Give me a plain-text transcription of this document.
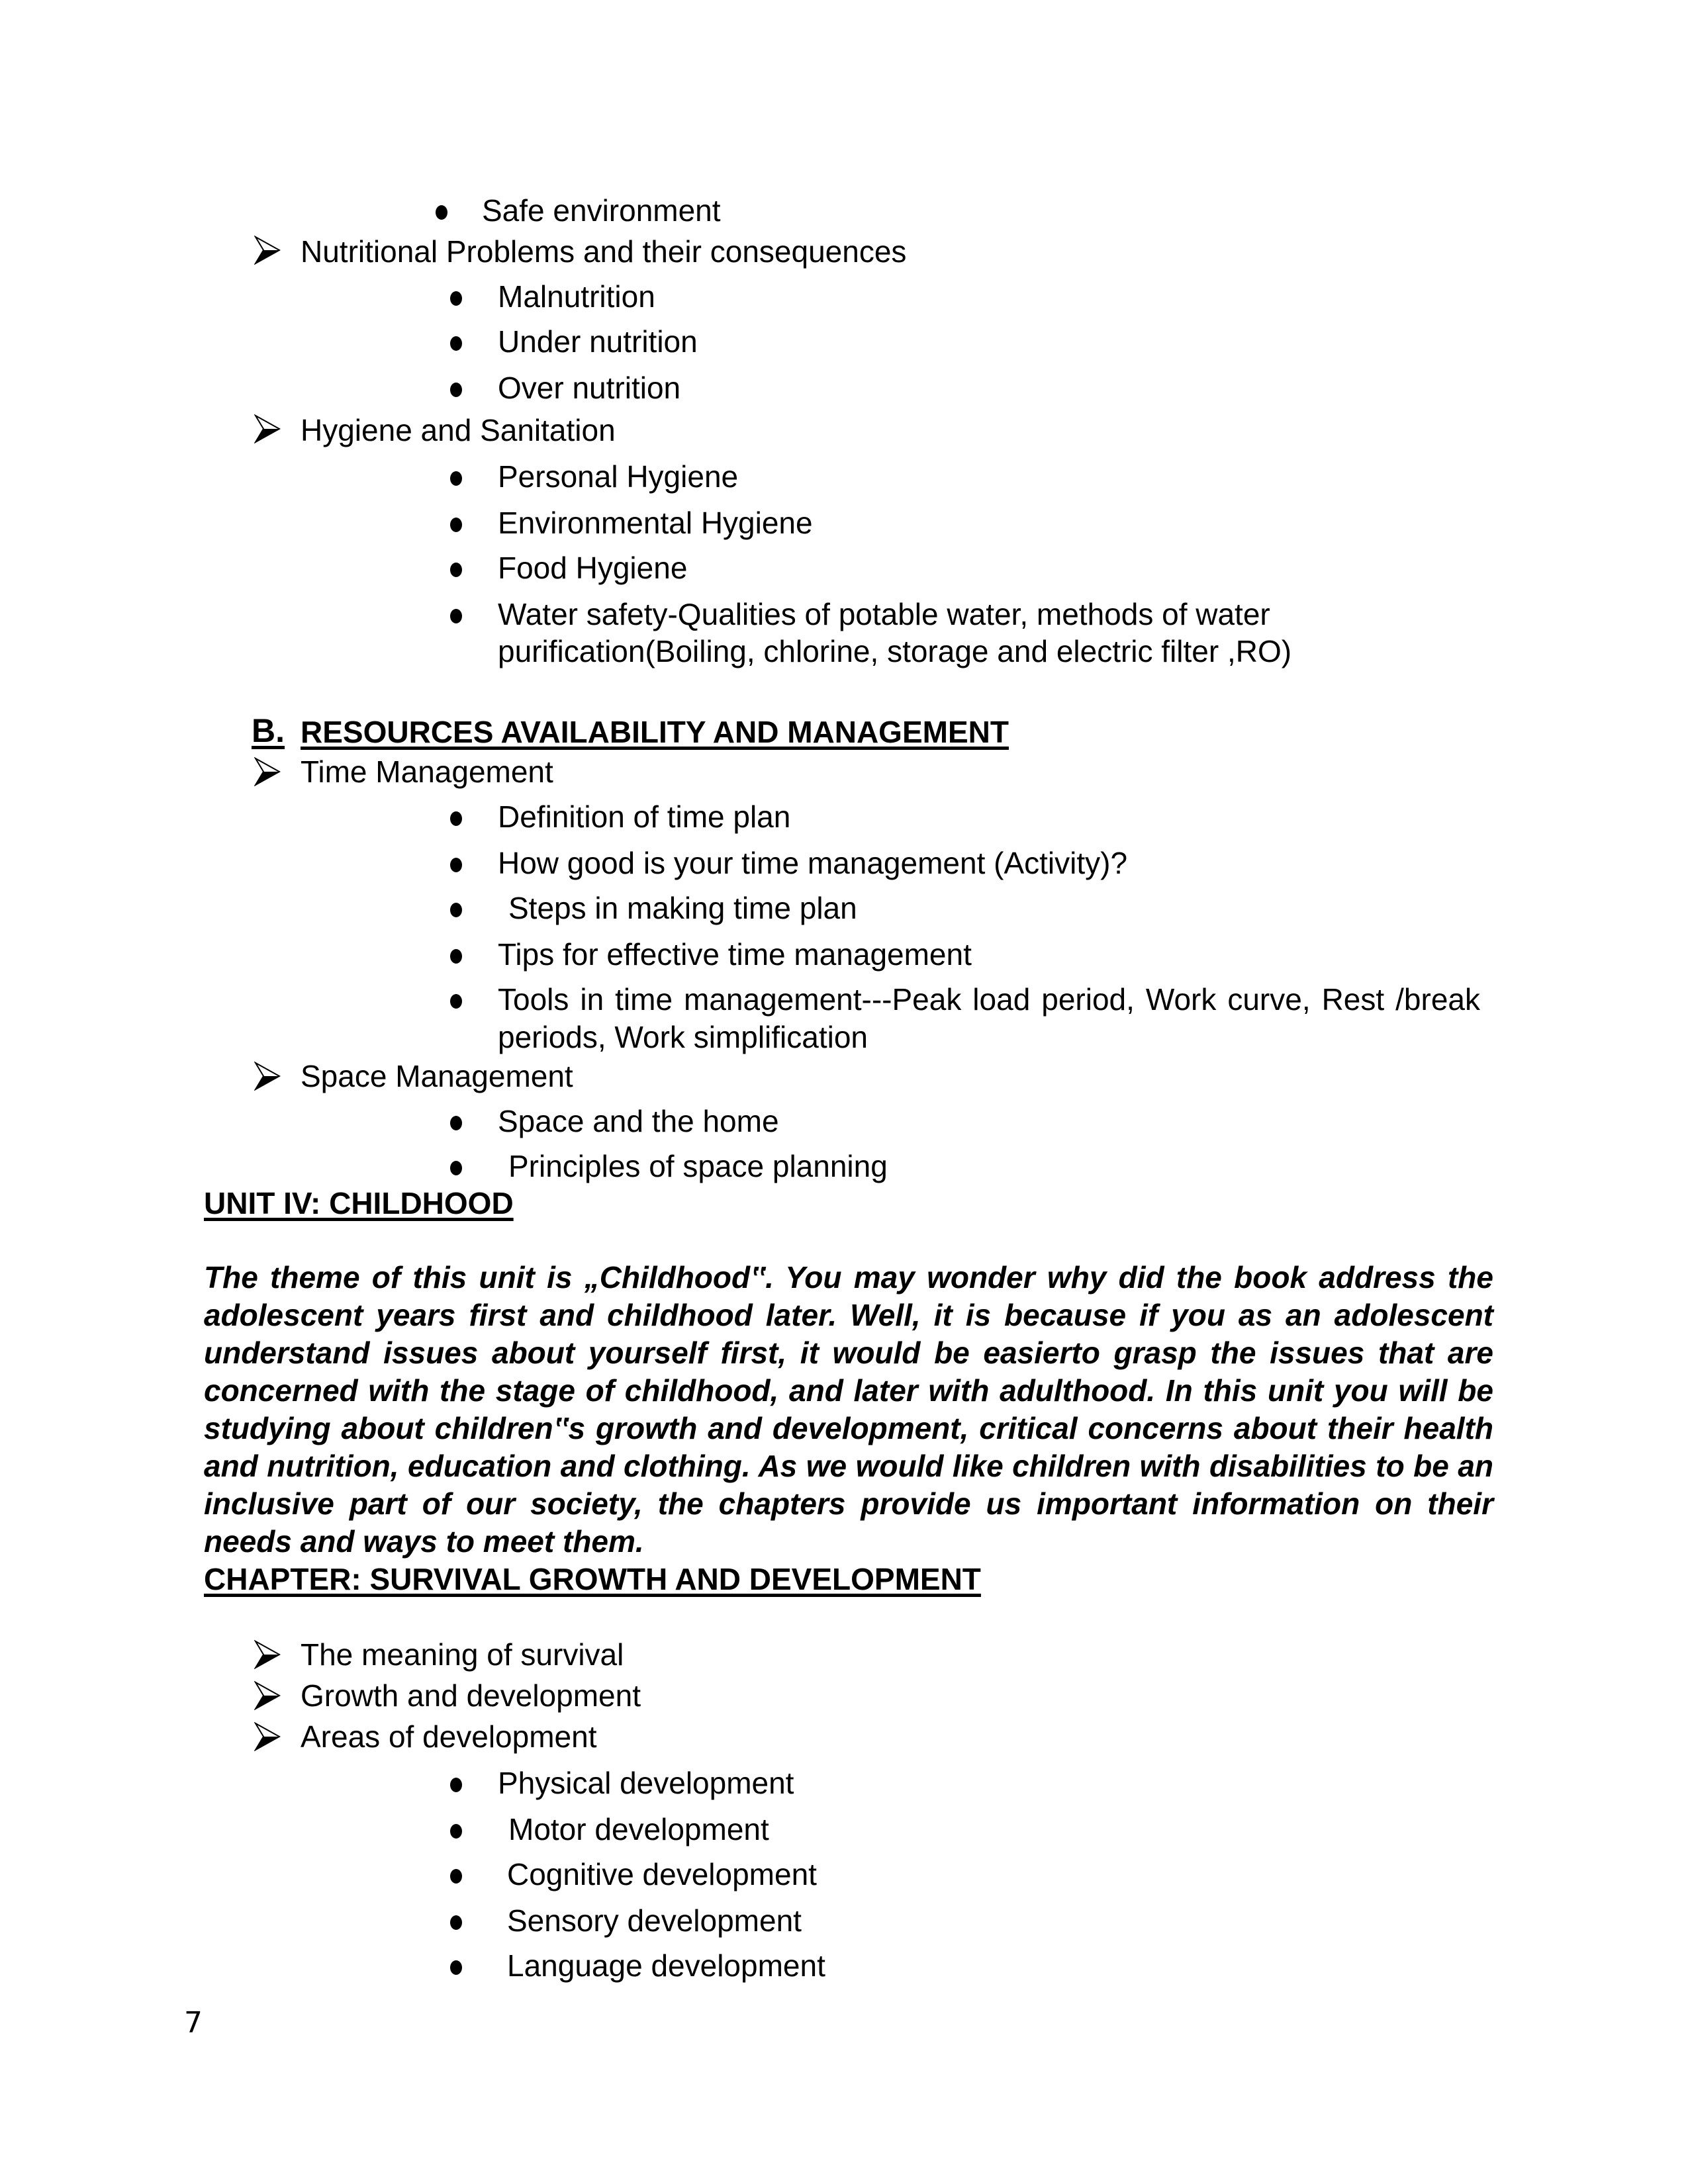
Safe environment
Nutritional Problems and their consequences
Malnutrition
Under nutrition
Over nutrition
Hygiene and Sanitation
Personal Hygiene
Environmental Hygiene
Food Hygiene
Water safety-Qualities of potable water, methods of water
purification(Boiling, chlorine, storage and electric filter ,RO)
B. RESOURCES AVAILABILITY AND MANAGEMENT
Time Management
Definition of time plan
How good is your time management (Activity)?
Steps in making time plan
Tips for effective time management
Tools in time management---Peak load period, Work curve, Rest /break periods, Work simplification
Space Management
Space and the home
Principles of space planning
UNIT IV: CHILDHOOD
The theme of this unit is „Childhood‟. You may wonder why did the book address the adolescent years first and childhood later. Well, it is because if you as an adolescent understand issues about yourself first, it would be easierto grasp the issues that are concerned with the stage of childhood, and later with adulthood. In this unit you will be studying about children‟s growth and development, critical concerns about their health and nutrition, education and clothing. As we would like children with disabilities to be an inclusive part of our society, the chapters provide us important information on their needs and ways to meet them.
CHAPTER: SURVIVAL GROWTH AND DEVELOPMENT
The meaning of survival
Growth and development
Areas of development
Physical development
Motor development
Cognitive development
Sensory development
Language development
7
